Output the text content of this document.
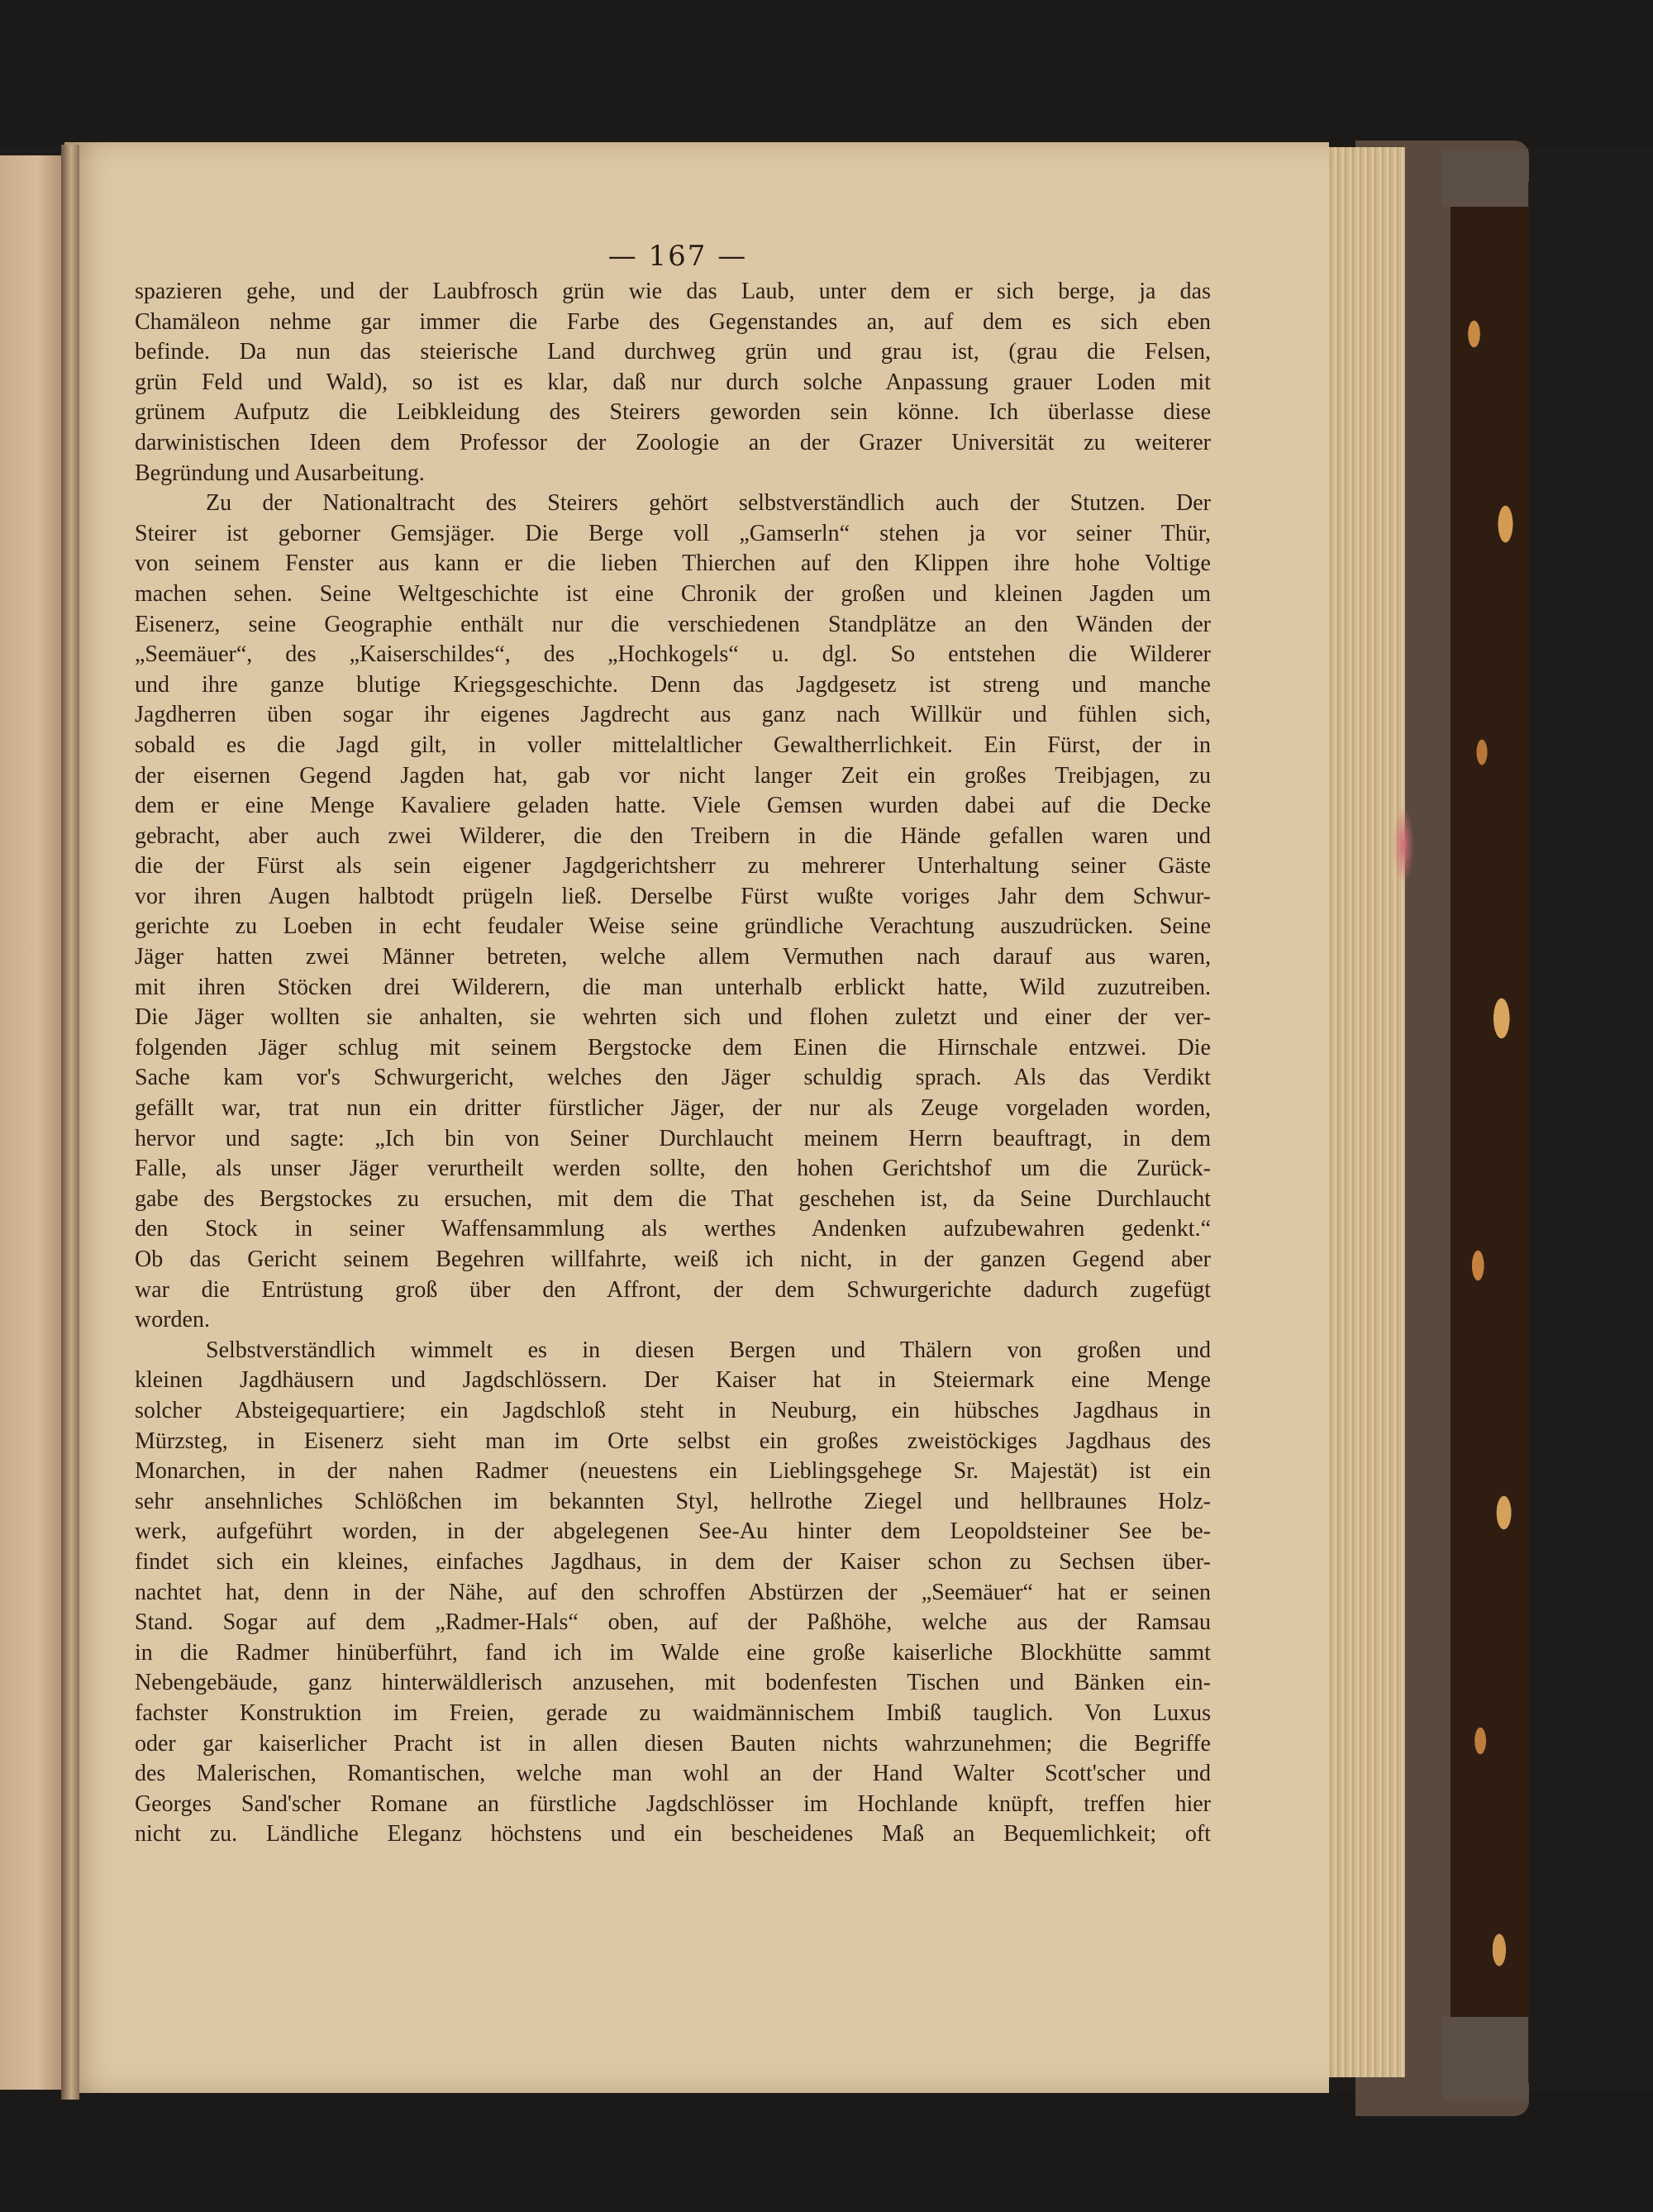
— 167 —
spazieren gehe, und der Laubfrosch grün wie das Laub, unter dem er sich berge, ja das
Chamäleon nehme gar immer die Farbe des Gegenstandes an, auf dem es sich eben
befinde. Da nun das steierische Land durchweg grün und grau ist, (grau die Felsen,
grün Feld und Wald), so ist es klar, daß nur durch solche Anpassung grauer Loden mit
grünem Aufputz die Leibkleidung des Steirers geworden sein könne. Ich überlasse diese
darwinistischen Ideen dem Professor der Zoologie an der Grazer Universität zu weiterer
Begründung und Ausarbeitung.
Zu der Nationaltracht des Steirers gehört selbstverständlich auch der Stutzen. Der
Steirer ist geborner Gemsjäger. Die Berge voll „Gamserln“ stehen ja vor seiner Thür,
von seinem Fenster aus kann er die lieben Thierchen auf den Klippen ihre hohe Voltige
machen sehen. Seine Weltgeschichte ist eine Chronik der großen und kleinen Jagden um
Eisenerz, seine Geographie enthält nur die verschiedenen Standplätze an den Wänden der
„Seemäuer“, des „Kaiserschildes“, des „Hochkogels“ u. dgl. So entstehen die Wilderer
und ihre ganze blutige Kriegsgeschichte. Denn das Jagdgesetz ist streng und manche
Jagdherren üben sogar ihr eigenes Jagdrecht aus ganz nach Willkür und fühlen sich,
sobald es die Jagd gilt, in voller mittelaltlicher Gewaltherrlichkeit. Ein Fürst, der in
der eisernen Gegend Jagden hat, gab vor nicht langer Zeit ein großes Treibjagen, zu
dem er eine Menge Kavaliere geladen hatte. Viele Gemsen wurden dabei auf die Decke
gebracht, aber auch zwei Wilderer, die den Treibern in die Hände gefallen waren und
die der Fürst als sein eigener Jagdgerichtsherr zu mehrerer Unterhaltung seiner Gäste
vor ihren Augen halbtodt prügeln ließ. Derselbe Fürst wußte voriges Jahr dem Schwur-
gerichte zu Loeben in echt feudaler Weise seine gründliche Verachtung auszudrücken. Seine
Jäger hatten zwei Männer betreten, welche allem Vermuthen nach darauf aus waren,
mit ihren Stöcken drei Wilderern, die man unterhalb erblickt hatte, Wild zuzutreiben.
Die Jäger wollten sie anhalten, sie wehrten sich und flohen zuletzt und einer der ver-
folgenden Jäger schlug mit seinem Bergstocke dem Einen die Hirnschale entzwei. Die
Sache kam vor's Schwurgericht, welches den Jäger schuldig sprach. Als das Verdikt
gefällt war, trat nun ein dritter fürstlicher Jäger, der nur als Zeuge vorgeladen worden,
hervor und sagte: „Ich bin von Seiner Durchlaucht meinem Herrn beauftragt, in dem
Falle, als unser Jäger verurtheilt werden sollte, den hohen Gerichtshof um die Zurück-
gabe des Bergstockes zu ersuchen, mit dem die That geschehen ist, da Seine Durchlaucht
den Stock in seiner Waffensammlung als werthes Andenken aufzubewahren gedenkt.“
Ob das Gericht seinem Begehren willfahrte, weiß ich nicht, in der ganzen Gegend aber
war die Entrüstung groß über den Affront, der dem Schwurgerichte dadurch zugefügt
worden.
Selbstverständlich wimmelt es in diesen Bergen und Thälern von großen und
kleinen Jagdhäusern und Jagdschlössern. Der Kaiser hat in Steiermark eine Menge
solcher Absteigequartiere; ein Jagdschloß steht in Neuburg, ein hübsches Jagdhaus in
Mürzsteg, in Eisenerz sieht man im Orte selbst ein großes zweistöckiges Jagdhaus des
Monarchen, in der nahen Radmer (neuestens ein Lieblingsgehege Sr. Majestät) ist ein
sehr ansehnliches Schlößchen im bekannten Styl, hellrothe Ziegel und hellbraunes Holz-
werk, aufgeführt worden, in der abgelegenen See-Au hinter dem Leopoldsteiner See be-
findet sich ein kleines, einfaches Jagdhaus, in dem der Kaiser schon zu Sechsen über-
nachtet hat, denn in der Nähe, auf den schroffen Abstürzen der „Seemäuer“ hat er seinen
Stand. Sogar auf dem „Radmer-Hals“ oben, auf der Paßhöhe, welche aus der Ramsau
in die Radmer hinüberführt, fand ich im Walde eine große kaiserliche Blockhütte sammt
Nebengebäude, ganz hinterwäldlerisch anzusehen, mit bodenfesten Tischen und Bänken ein-
fachster Konstruktion im Freien, gerade zu waidmännischem Imbiß tauglich. Von Luxus
oder gar kaiserlicher Pracht ist in allen diesen Bauten nichts wahrzunehmen; die Begriffe
des Malerischen, Romantischen, welche man wohl an der Hand Walter Scott'scher und
Georges Sand'scher Romane an fürstliche Jagdschlösser im Hochlande knüpft, treffen hier
nicht zu. Ländliche Eleganz höchstens und ein bescheidenes Maß an Bequemlichkeit; oft
